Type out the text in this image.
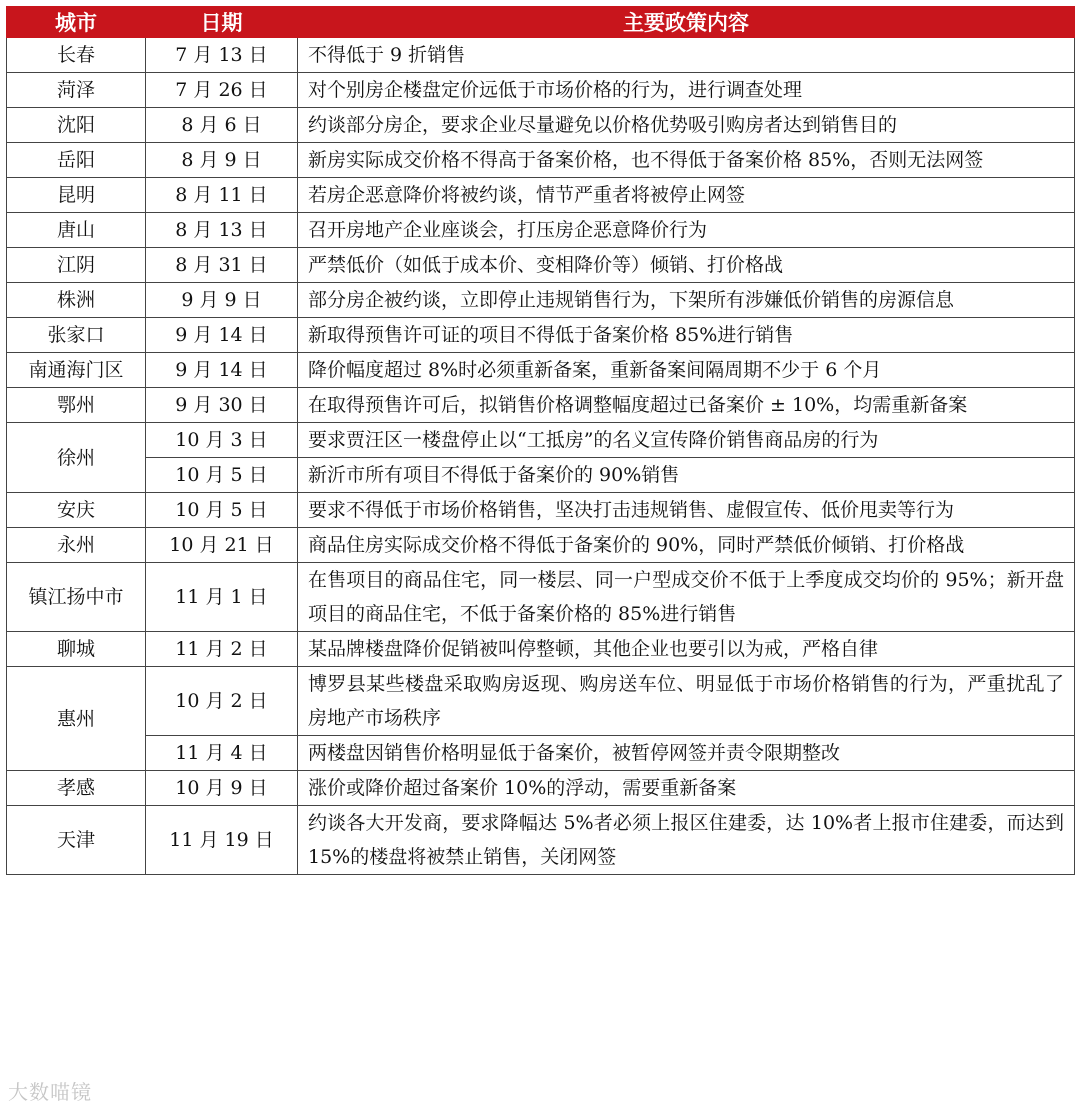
城市	日期	主要政策内容
长春	7 月 13 日	不得低于 9 折销售
菏泽	7 月 26 日	对个别房企楼盘定价远低于市场价格的行为，进行调查处理
沈阳	8 月 6 日	约谈部分房企，要求企业尽量避免以价格优势吸引购房者达到销售目的
岳阳	8 月 9 日	新房实际成交价格不得高于备案价格，也不得低于备案价格 85%，否则无法网签
昆明	8 月 11 日	若房企恶意降价将被约谈，情节严重者将被停止网签
唐山	8 月 13 日	召开房地产企业座谈会，打压房企恶意降价行为
江阴	8 月 31 日	严禁低价（如低于成本价、变相降价等）倾销、打价格战
株洲	9 月 9 日	部分房企被约谈，立即停止违规销售行为，下架所有涉嫌低价销售的房源信息
张家口	9 月 14 日	新取得预售许可证的项目不得低于备案价格 85%进行销售
南通海门区	9 月 14 日	降价幅度超过 8%时必须重新备案，重新备案间隔周期不少于 6 个月
鄂州	9 月 30 日	在取得预售许可后，拟销售价格调整幅度超过已备案价 ± 10%，均需重新备案
徐州	10 月 3 日	要求贾汪区一楼盘停止以“工抵房”的名义宣传降价销售商品房的行为
	10 月 5 日	新沂市所有项目不得低于备案价的 90%销售
安庆	10 月 5 日	要求不得低于市场价格销售，坚决打击违规销售、虚假宣传、低价甩卖等行为
永州	10 月 21 日	商品住房实际成交价格不得低于备案价的 90%，同时严禁低价倾销、打价格战
镇江扬中市	11 月 1 日	在售项目的商品住宅，同一楼层、同一户型成交价不低于上季度成交均价的 95%；新开盘项目的商品住宅，不低于备案价格的 85%进行销售
聊城	11 月 2 日	某品牌楼盘降价促销被叫停整顿，其他企业也要引以为戒，严格自律
惠州	10 月 2 日	博罗县某些楼盘采取购房返现、购房送车位、明显低于市场价格销售的行为，严重扰乱了房地产市场秩序
	11 月 4 日	两楼盘因销售价格明显低于备案价，被暂停网签并责令限期整改
孝感	10 月 9 日	涨价或降价超过备案价 10%的浮动，需要重新备案
天津	11 月 19 日	约谈各大开发商，要求降幅达 5%者必须上报区住建委，达 10%者上报市住建委，而达到 15%的楼盘将被禁止销售，关闭网签
大数喵镜
